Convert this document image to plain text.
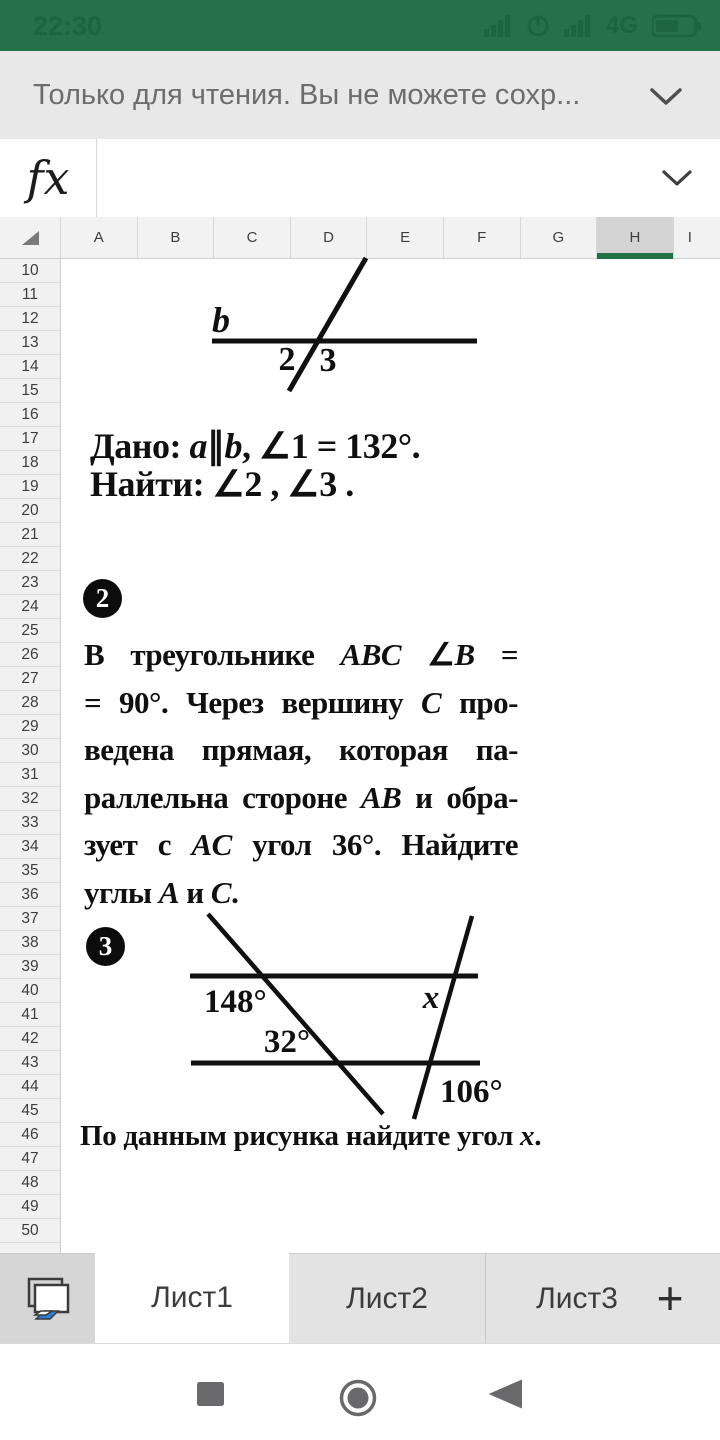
22:30	4G
Только для чтения. Вы не можете сохр...
fx
A	B	C	D	E	F	G	H	I
10
11
12
13
14
15
16
17
18
19
20
21
22
23
24
25
26
27
28
29
30
31
32
33
34
35
36
37
38
39
40
41
42
43
44
45
46
47
48
49
50
b
2 3
Дано: a∥b, ∠1 = 132°.
Найти: ∠2 , ∠3 .
2
В треугольнике ABC ∠B =
= 90°. Через вершину C про-
ведена прямая, которая па-
раллельна стороне AB и обра-
зует с AC угол 36°. Найдите
углы A и C.
3
148°	x
32°
106°
По данным рисунка найдите угол x.
Лист1	Лист2	Лист3 +
